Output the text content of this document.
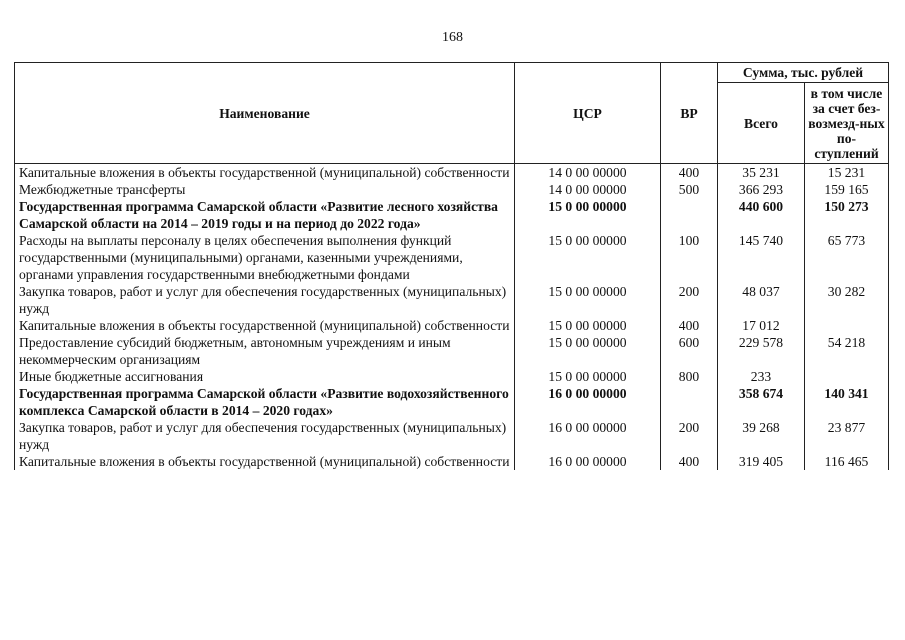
168
Наименование	ЦСР	ВР	Сумма, тыс. рублей	
			Всего	в том числе за счет без-возмезд-ных по-ступлений
Капитальные вложения в объекты государственной (муниципальной) собственности	14 0 00 00000	400	35 231	15 231
Межбюджетные трансферты	14 0 00 00000	500	366 293	159 165
Государственная программа Самарской области «Развитие лесного хозяйства Самарской области на 2014 – 2019 годы и на период до 2022 года»	15 0 00 00000		440 600	150 273
Расходы на выплаты персоналу в целях обеспечения выполнения функций государственными (муниципальными) органами, казенными учреждениями, органами управления государственными внебюджетными фондами	15 0 00 00000	100	145 740	65 773
Закупка товаров, работ и услуг для обеспечения государственных (муниципальных) нужд	15 0 00 00000	200	48 037	30 282
Капитальные вложения в объекты государственной (муниципальной) собственности	15 0 00 00000	400	17 012	
Предоставление субсидий бюджетным, автономным учреждениям и иным некоммерческим организациям	15 0 00 00000	600	229 578	54 218
Иные бюджетные ассигнования	15 0 00 00000	800	233	
Государственная программа Самарской области «Развитие водохозяйственного комплекса Самарской области в 2014 – 2020 годах»	16 0 00 00000		358 674	140 341
Закупка товаров, работ и услуг для обеспечения государственных (муниципальных) нужд	16 0 00 00000	200	39 268	23 877
Капитальные вложения в объекты государственной (муниципальной) собственности	16 0 00 00000	400	319 405	116 465
